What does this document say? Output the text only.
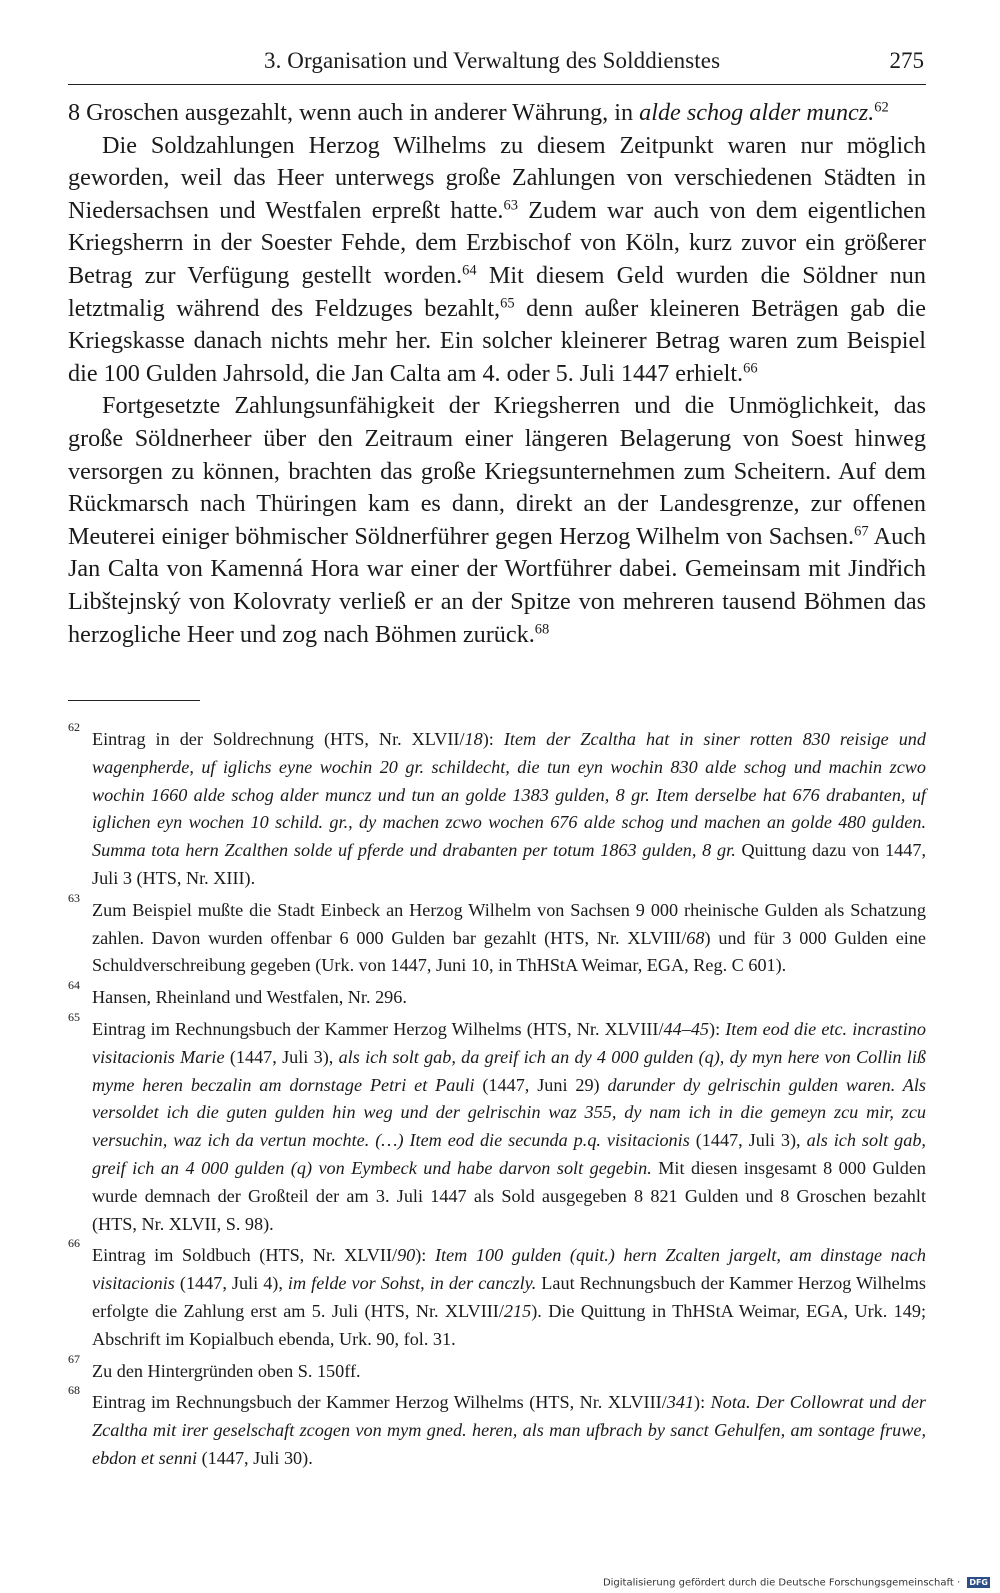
3. Organisation und Verwaltung des Solddienstes	275

8 Groschen ausgezahlt, wenn auch in anderer Währung, in alde schog alder muncz.$^{62}$

Die Soldzahlungen Herzog Wilhelms zu diesem Zeitpunkt waren nur möglich geworden, weil das Heer unterwegs große Zahlungen von verschiedenen Städten in Niedersachsen und Westfalen erpreßt hatte.$^{63}$ Zudem war auch von dem eigentlichen Kriegsherrn in der Soester Fehde, dem Erzbischof von Köln, kurz zuvor ein größerer Betrag zur Verfügung gestellt worden.$^{64}$ Mit diesem Geld wurden die Söldner nun letztmalig während des Feldzuges bezahlt,$^{65}$ denn außer kleineren Beträgen gab die Kriegskasse danach nichts mehr her. Ein solcher kleinerer Betrag waren zum Beispiel die 100 Gulden Jahrsold, die Jan Calta am 4. oder 5. Juli 1447 erhielt.$^{66}$

Fortgesetzte Zahlungsunfähigkeit der Kriegsherren und die Unmöglichkeit, das große Söldnerheer über den Zeitraum einer längeren Belagerung von Soest hinweg versorgen zu können, brachten das große Kriegsunternehmen zum Scheitern. Auf dem Rückmarsch nach Thüringen kam es dann, direkt an der Landesgrenze, zur offenen Meuterei einiger böhmischer Söldnerführer gegen Herzog Wilhelm von Sachsen.$^{67}$ Auch Jan Calta von Kamenná Hora war einer der Wortführer dabei. Gemeinsam mit Jindřich Libštejnský von Kolovraty verließ er an der Spitze von mehreren tausend Böhmen das herzogliche Heer und zog nach Böhmen zurück.$^{68}$

62
Eintrag in der Soldrechnung (HTS, Nr. XLVII/18): Item der Zcaltha hat in siner rotten 830 reisige und wagenpherde, uf iglichs eyne wochin 20 gr. schildecht, die tun eyn wochin 830 alde schog und machin zcwo wochin 1660 alde schog alder muncz und tun an golde 1383 gulden, 8 gr. Item derselbe hat 676 drabanten, uf iglichen eyn wochen 10 schild. gr., dy machen zcwo wochen 676 alde schog und machen an golde 480 gulden. Summa tota hern Zcalthen solde uf pferde und drabanten per totum 1863 gulden, 8 gr. Quittung dazu von 1447, Juli 3 (HTS, Nr. XIII).
63
Zum Beispiel mußte die Stadt Einbeck an Herzog Wilhelm von Sachsen 9 000 rheinische Gulden als Schatzung zahlen. Davon wurden offenbar 6 000 Gulden bar gezahlt (HTS, Nr. XLVIII/68) und für 3 000 Gulden eine Schuldverschreibung gegeben (Urk. von 1447, Juni 10, in ThHStA Weimar, EGA, Reg. C 601).
64
Hansen, Rheinland und Westfalen, Nr. 296.
65
Eintrag im Rechnungsbuch der Kammer Herzog Wilhelms (HTS, Nr. XLVIII/44–45): Item eod die etc. incrastino visitacionis Marie (1447, Juli 3), als ich solt gab, da greif ich an dy 4 000 gulden (q), dy myn here von Collin liß myme heren beczalin am dornstage Petri et Pauli (1447, Juni 29) darunder dy gelrischin gulden waren. Als versoldet ich die guten gulden hin weg und der gelrischin waz 355, dy nam ich in die gemeyn zcu mir, zcu versuchin, waz ich da vertun mochte. (…) Item eod die secunda p.q. visitacionis (1447, Juli 3), als ich solt gab, greif ich an 4 000 gulden (q) von Eymbeck und habe darvon solt gegebin. Mit diesen insgesamt 8 000 Gulden wurde demnach der Großteil der am 3. Juli 1447 als Sold ausgegeben 8 821 Gulden und 8 Groschen bezahlt (HTS, Nr. XLVII, S. 98).
66
Eintrag im Soldbuch (HTS, Nr. XLVII/90): Item 100 gulden (quit.) hern Zcalten jargelt, am dinstage nach visitacionis (1447, Juli 4), im felde vor Sohst, in der canczly. Laut Rechnungsbuch der Kammer Herzog Wilhelms erfolgte die Zahlung erst am 5. Juli (HTS, Nr. XLVIII/215). Die Quittung in ThHStA Weimar, EGA, Urk. 149; Abschrift im Kopialbuch ebenda, Urk. 90, fol. 31.
67
Zu den Hintergründen oben S. 150ff.
68
Eintrag im Rechnungsbuch der Kammer Herzog Wilhelms (HTS, Nr. XLVIII/341): Nota. Der Collowrat und der Zcaltha mit irer geselschaft zcogen von mym gned. heren, als man ufbrach by sanct Gehulfen, am sontage fruwe, ebdon et senni (1447, Juli 30).
Digitalisierung gefördert durch die Deutsche Forschungsgemeinschaft · DFG
